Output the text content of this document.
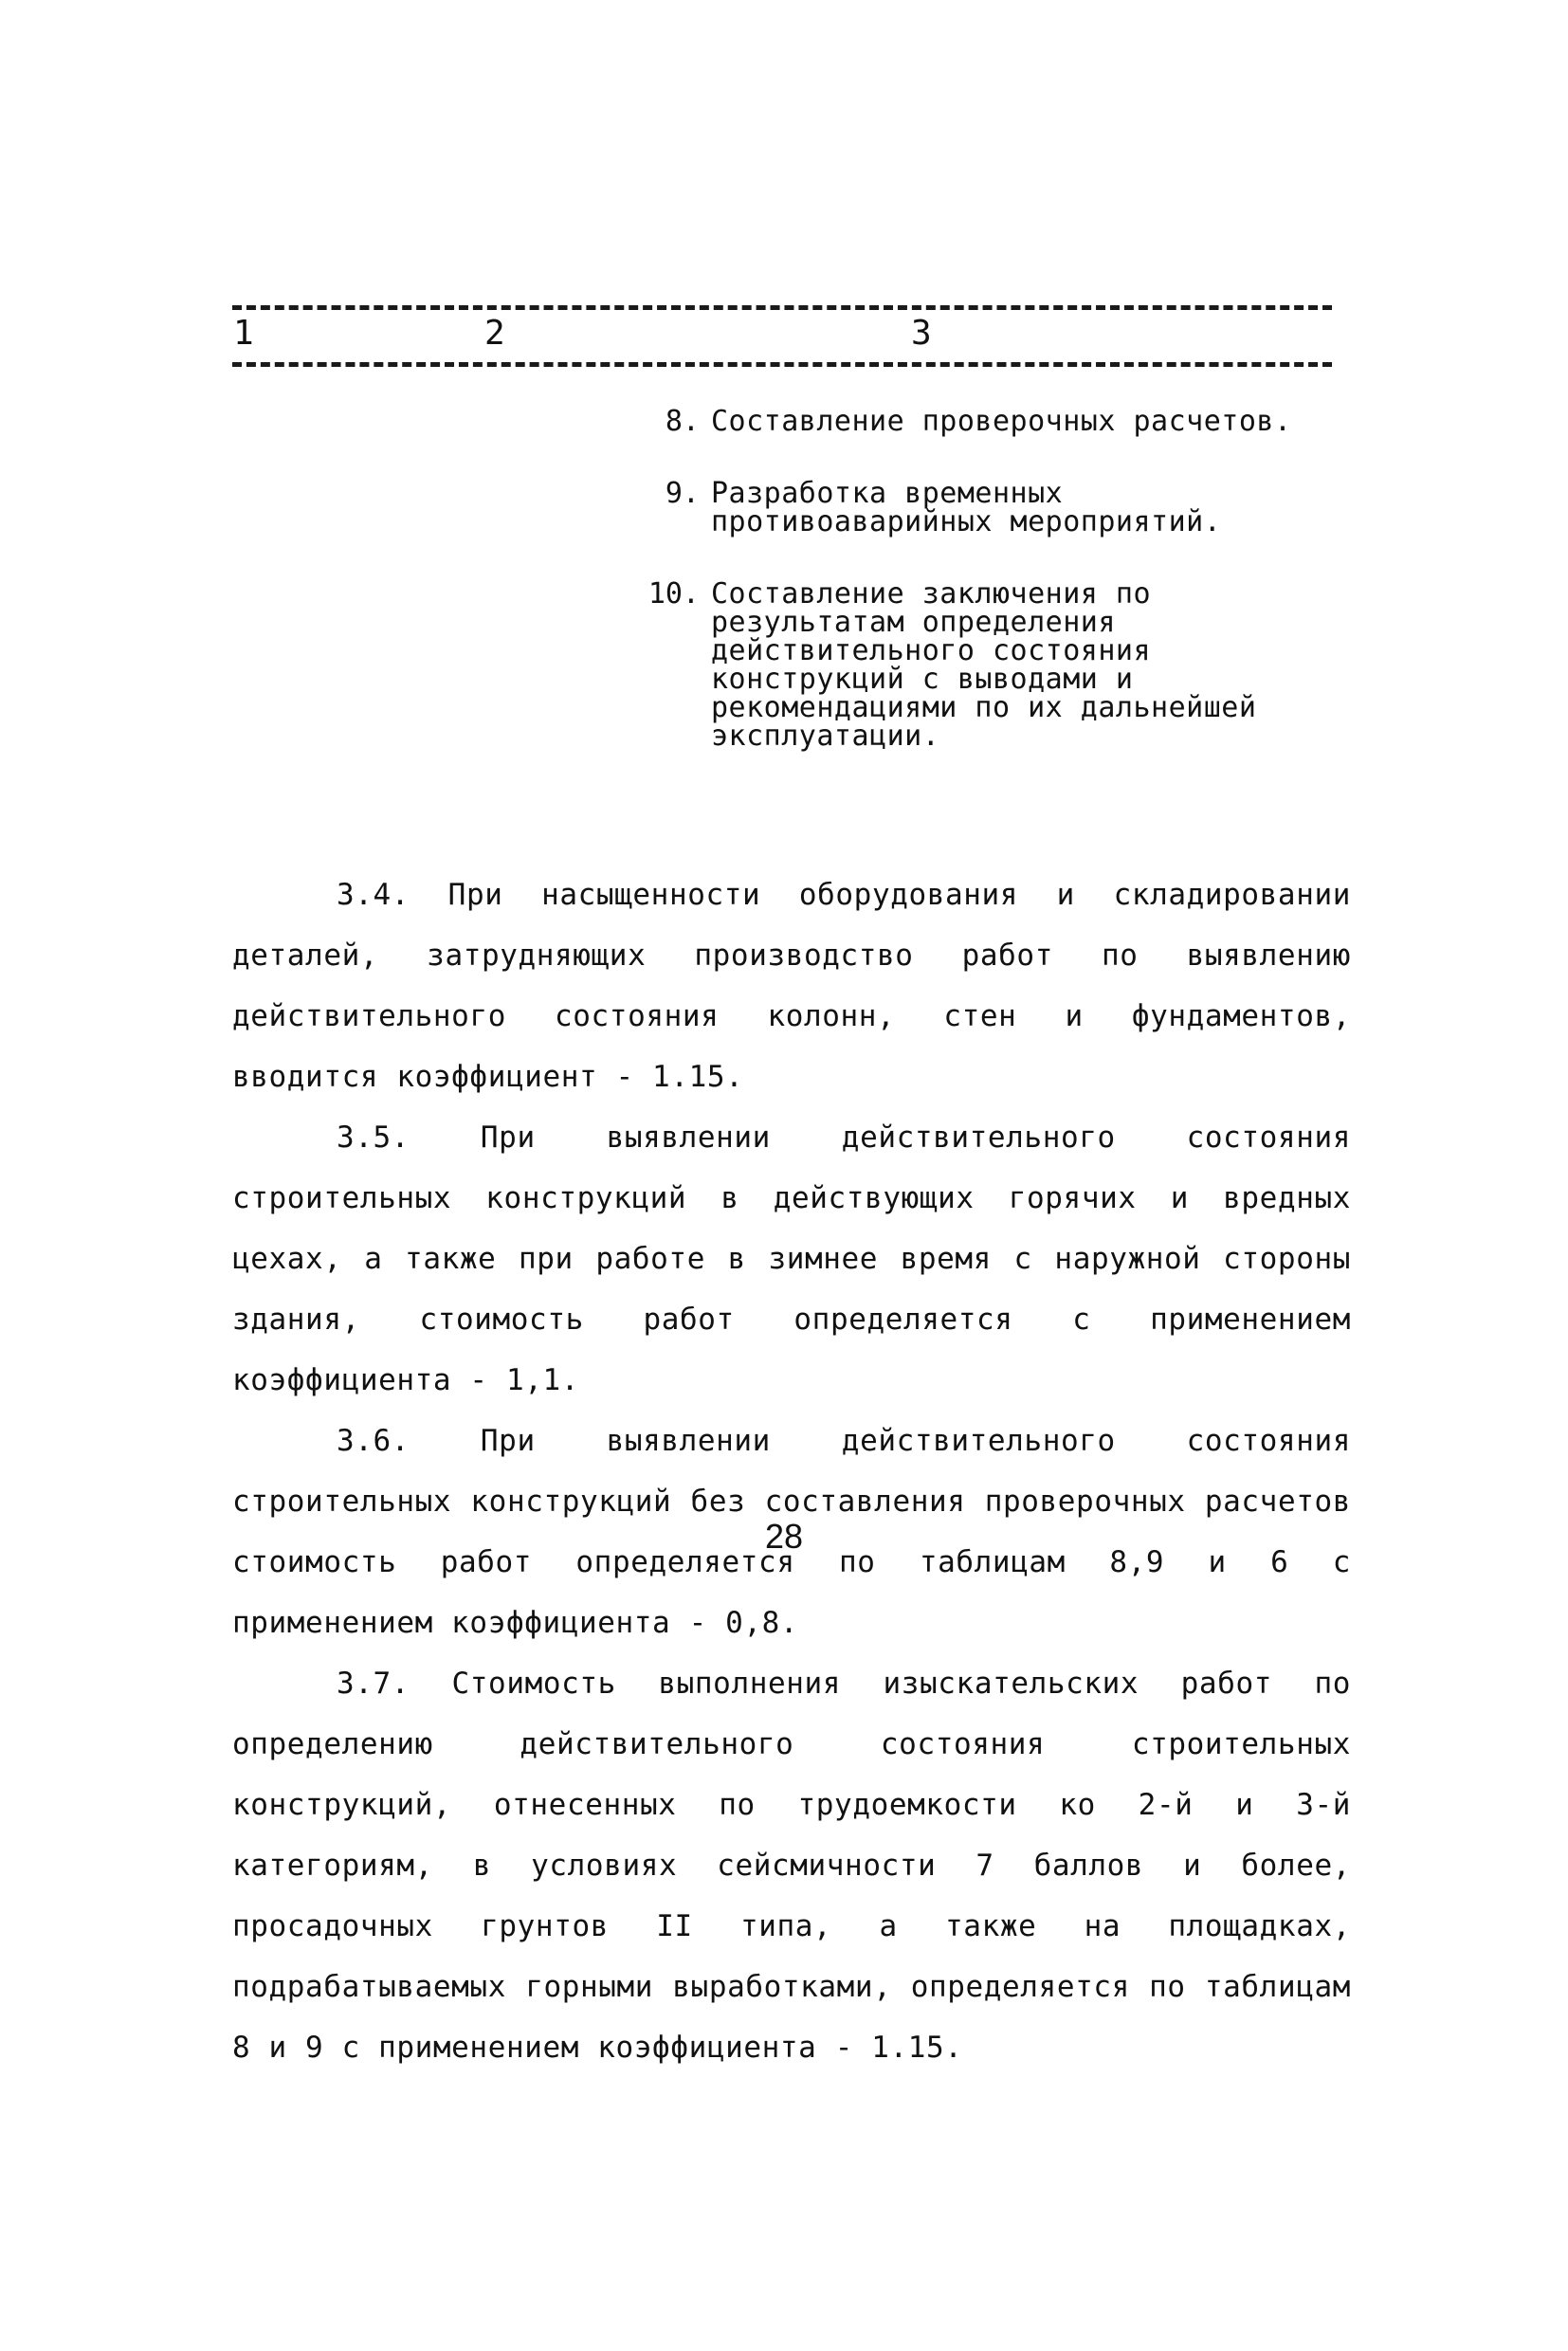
1	2	3
8. Составление проверочных расчетов.
9. Разработка временных противоаварийных мероприятий.
10. Составление заключения по результатам определения действительного состояния конструкций с выводами и рекомендациями по их дальнейшей эксплуатации.

3.4. При насыщенности оборудования и складировании деталей, затрудняющих производство работ по выявлению действительного состояния колонн, стен и фундаментов, вводится коэффициент - 1.15.

3.5. При выявлении действительного состояния строительных конструкций в действующих горячих и вредных цехах, а также при работе в зимнее время с наружной стороны здания, стоимость работ определяется с применением коэффициента - 1,1.

3.6. При выявлении действительного состояния строительных конструкций без составления проверочных расчетов стоимость работ определяется по таблицам 8,9 и 6 с применением коэффициента - 0,8.

3.7. Стоимость выполнения изыскательских работ по определению действительного состояния строительных конструкций, отнесенных по трудоемкости ко 2-й и 3-й категориям, в условиях сейсмичности 7 баллов и более, просадочных грунтов II типа, а также на площадках, подрабатываемых горными выработками, определяется по таблицам 8 и 9 с применением коэффициента - 1.15.

28
